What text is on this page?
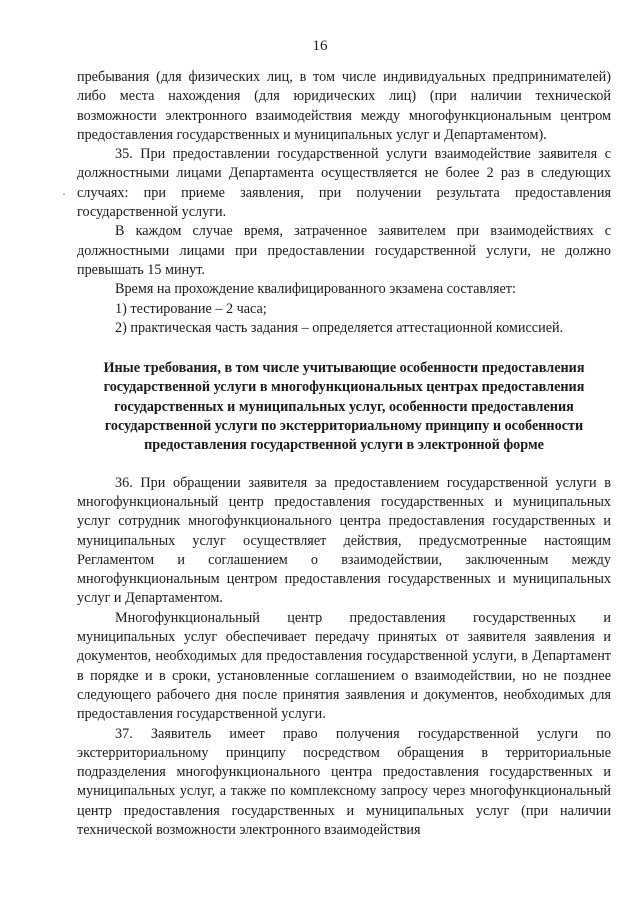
16
·

пребывания (для физических лиц, в том числе индивидуальных предпринимателей) либо места нахождения (для юридических лиц) (при наличии технической возможности электронного взаимодействия между многофункциональным центром предоставления государственных и муниципальных услуг и Департаментом).

35. При предоставлении государственной услуги взаимодействие заявителя с должностными лицами Департамента осуществляется не более 2 раз в следующих случаях: при приеме заявления, при получении результата предоставления государственной услуги.

В каждом случае время, затраченное заявителем при взаимодействиях с должностными лицами при предоставлении государственной услуги, не должно превышать 15 минут.

Время на прохождение квалифицированного экзамена составляет:

1) тестирование – 2 часа;

2) практическая часть задания – определяется аттестационной комиссией.

Иные требования, в том числе учитывающие особенности предоставления государственной услуги в многофункциональных центрах предоставления государственных и муниципальных услуг, особенности предоставления государственной услуги по экстерриториальному принципу и особенности предоставления государственной услуги в электронной форме

36. При обращении заявителя за предоставлением государственной услуги в многофункциональный центр предоставления государственных и муниципальных услуг сотрудник многофункционального центра предоставления государственных и муниципальных услуг осуществляет действия, предусмотренные настоящим Регламентом и соглашением о взаимодействии, заключенным между многофункциональным центром предоставления государственных и муниципальных услуг и Департаментом.

Многофункциональный центр предоставления государственных и муниципальных услуг обеспечивает передачу принятых от заявителя заявления и документов, необходимых для предоставления государственной услуги, в Департамент в порядке и в сроки, установленные соглашением о взаимодействии, но не позднее следующего рабочего дня после принятия заявления и документов, необходимых для предоставления государственной услуги.

37. Заявитель имеет право получения государственной услуги по экстерриториальному принципу посредством обращения в территориальные подразделения многофункционального центра предоставления государственных и муниципальных услуг, а также по комплексному запросу через многофункциональный центр предоставления государственных и муниципальных услуг (при наличии технической возможности электронного взаимодействия
